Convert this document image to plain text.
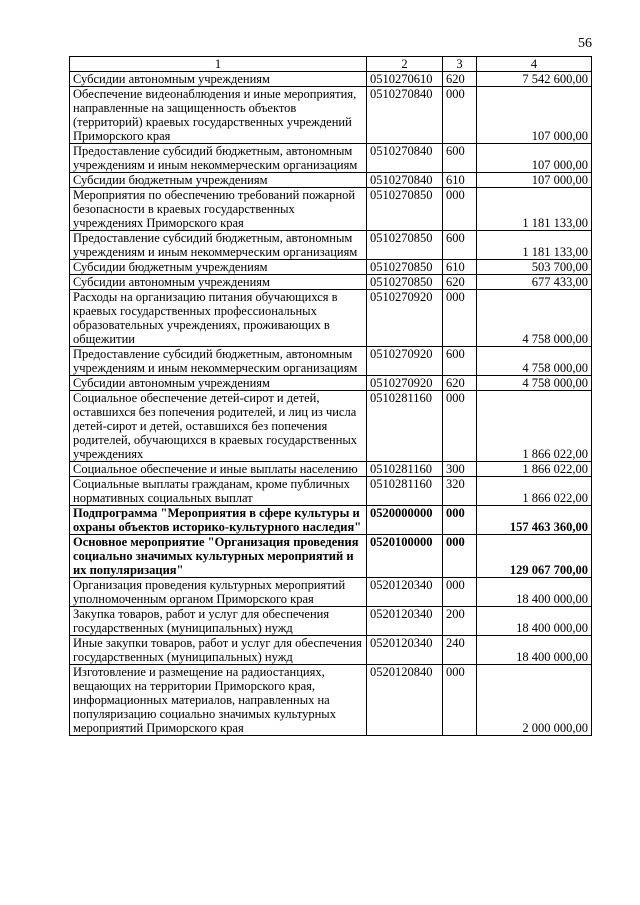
56
1	2	3	4
Субсидии автономным учреждениям	0510270610	620	7 542 600,00
Обеспечение видеонаблюдения и иные мероприятия, направленные на защищенность объектов (территорий) краевых государственных учреждений Приморского края	0510270840	000	107 000,00
Предоставление субсидий бюджетным, автономным учреждениям и иным некоммерческим организациям	0510270840	600	107 000,00
Субсидии бюджетным учреждениям	0510270840	610	107 000,00
Мероприятия по обеспечению требований пожарной безопасности в краевых государственных учреждениях Приморского края	0510270850	000	1 181 133,00
Предоставление субсидий бюджетным, автономным учреждениям и иным некоммерческим организациям	0510270850	600	1 181 133,00
Субсидии бюджетным учреждениям	0510270850	610	503 700,00
Субсидии автономным учреждениям	0510270850	620	677 433,00
Расходы на организацию питания обучающихся в краевых государственных профессиональных образовательных учреждениях, проживающих в общежитии	0510270920	000	4 758 000,00
Предоставление субсидий бюджетным, автономным учреждениям и иным некоммерческим организациям	0510270920	600	4 758 000,00
Субсидии автономным учреждениям	0510270920	620	4 758 000,00
Социальное обеспечение детей-сирот и детей, оставшихся без попечения родителей, и лиц из числа детей-сирот и детей, оставшихся без попечения родителей, обучающихся в краевых государственных учреждениях	0510281160	000	1 866 022,00
Социальное обеспечение и иные выплаты населению	0510281160	300	1 866 022,00
Социальные выплаты гражданам, кроме публичных нормативных социальных выплат	0510281160	320	1 866 022,00
Подпрограмма "Мероприятия в сфере культуры и охраны объектов историко-культурного наследия"	0520000000	000	157 463 360,00
Основное мероприятие "Организация проведения социально значимых культурных мероприятий и их популяризация"	0520100000	000	129 067 700,00
Организация проведения культурных мероприятий уполномоченным органом Приморского края	0520120340	000	18 400 000,00
Закупка товаров, работ и услуг для обеспечения государственных (муниципальных) нужд	0520120340	200	18 400 000,00
Иные закупки товаров, работ и услуг для обеспечения государственных (муниципальных) нужд	0520120340	240	18 400 000,00
Изготовление и размещение на радиостанциях, вещающих на территории Приморского края, информационных материалов, направленных на популяризацию социально значимых культурных мероприятий Приморского края	0520120840	000	2 000 000,00
